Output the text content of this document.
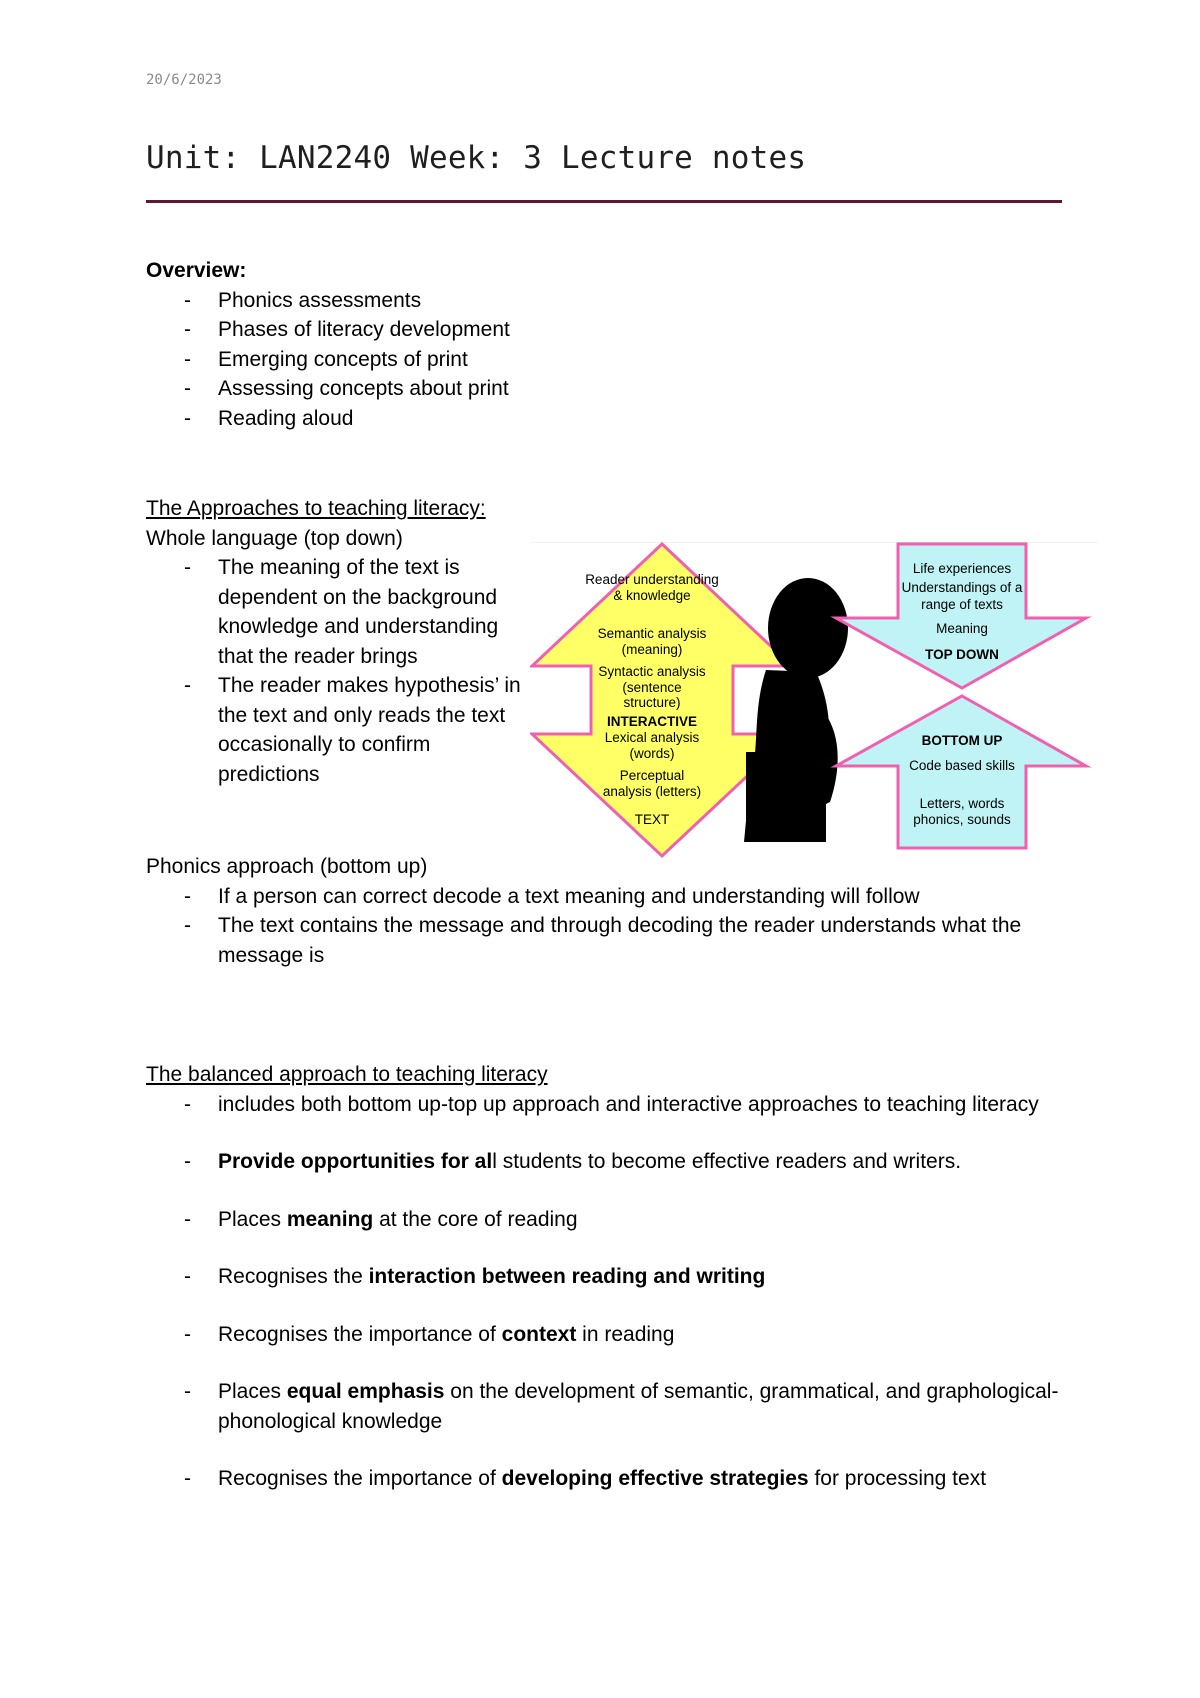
20/6/2023
Unit: LAN2240 Week: 3 Lecture notes
Overview:
- Phonics assessments
- Phases of literacy development
- Emerging concepts of print
- Assessing concepts about print
- Reading aloud
The Approaches to teaching literacy:
Whole language (top down)
- The meaning of the text is dependent on the background knowledge and understanding that the reader brings
- The reader makes hypothesis’ in the text and only reads the text occasionally to confirm predictions
Phonics approach (bottom up)
- If a person can correct decode a text meaning and understanding will follow
- The text contains the message and through decoding the reader understands what the message is
Reader understanding & knowledge
Semantic analysis (meaning)
Syntactic analysis (sentence structure)
INTERACTIVE
Lexical analysis (words)
Perceptual analysis (letters)
TEXT
Life experiences
Understandings of a range of texts
Meaning
TOP DOWN
BOTTOM UP
Code based skills
Letters, words phonics, sounds
The balanced approach to teaching literacy
- includes both bottom up-top up approach and interactive approaches to teaching literacy
- Provide opportunities for all students to become effective readers and writers.
- Places meaning at the core of reading
- Recognises the interaction between reading and writing
- Recognises the importance of context in reading
- Places equal emphasis on the development of semantic, grammatical, and graphological- phonological knowledge
- Recognises the importance of developing effective strategies for processing text
